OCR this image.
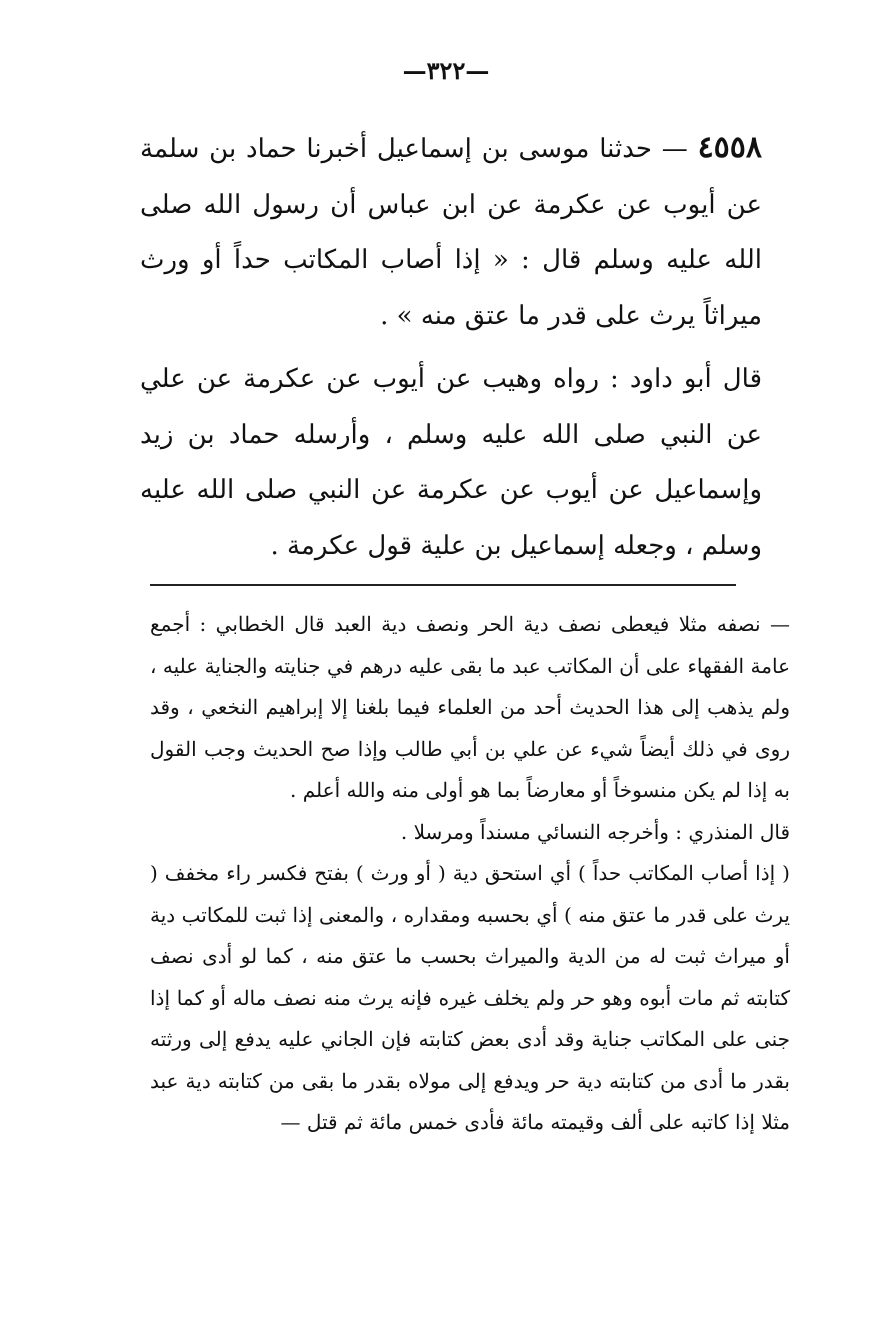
—٣٢٢—

٤٥٥٨ — حدثنا موسى بن إسماعيل أخبرنا حماد بن سلمة عن أيوب عن عكرمة عن ابن عباس أن رسول الله صلى الله عليه وسلم قال : « إذا أصاب المكاتب حداً أو ورث ميراثاً يرث على قدر ما عتق منه » .

قال أبو داود : رواه وهيب عن أيوب عن عكرمة عن علي عن النبي صلى الله عليه وسلم ، وأرسله حماد بن زيد وإسماعيل عن أيوب عن عكرمة عن النبي صلى الله عليه وسلم ، وجعله إسماعيل بن علية قول عكرمة .

— نصفه مثلا فيعطى نصف دية الحر ونصف دية العبد قال الخطابي : أجمع عامة الفقهاء على أن المكاتب عبد ما بقى عليه درهم في جنايته والجناية عليه ، ولم يذهب إلى هذا الحديث أحد من العلماء فيما بلغنا إلا إبراهيم النخعي ، وقد روى في ذلك أيضاً شيء عن علي بن أبي طالب وإذا صح الحديث وجب القول به إذا لم يكن منسوخاً أو معارضاً بما هو أولى منه والله أعلم .

قال المنذري : وأخرجه النسائي مسنداً ومرسلا .

( إذا أصاب المكاتب حداً ) أي استحق دية ( أو ورث ) بفتح فكسر راء مخفف ( يرث على قدر ما عتق منه ) أي بحسبه ومقداره ، والمعنى إذا ثبت للمكاتب دية أو ميراث ثبت له من الدية والميراث بحسب ما عتق منه ، كما لو أدى نصف كتابته ثم مات أبوه وهو حر ولم يخلف غيره فإنه يرث منه نصف ماله أو كما إذا جنى على المكاتب جناية وقد أدى بعض كتابته فإن الجاني عليه يدفع إلى ورثته بقدر ما أدى من كتابته دية حر ويدفع إلى مولاه بقدر ما بقى من كتابته دية عبد مثلا إذا كاتبه على ألف وقيمته مائة فأدى خمس مائة ثم قتل —
